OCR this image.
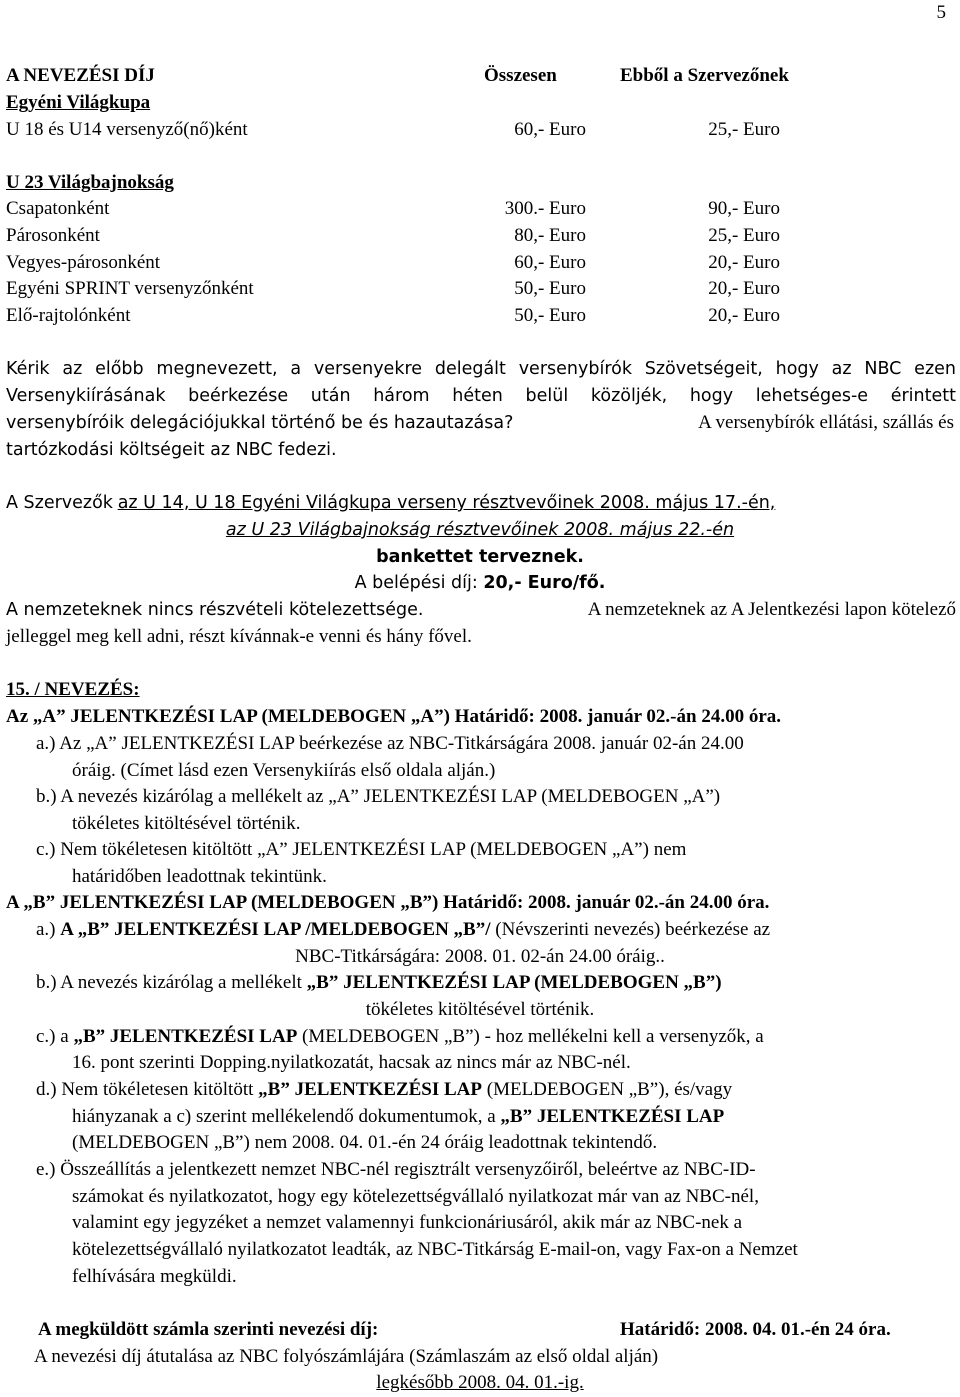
5
A NEVEZÉSI DÍJ	Összesen	Ebből a Szervezőnek
Egyéni Világkupa
U 18 és U14 versenyző(nő)ként	60,- Euro	25,- Euro
U 23 Világbajnokság
Csapatonként	300.- Euro	90,- Euro
Párosonként	80,- Euro	25,- Euro
Vegyes-párosonként	60,- Euro	20,- Euro
Egyéni SPRINT versenyzőnként	50,- Euro	20,- Euro
Elő-rajtolónként	50,- Euro	20,- Euro
Kérik az előbb megnevezett, a versenyekre delegált versenybírók Szövetségeit, hogy az NBC ezen
Versenykiírásának beérkezése után három héten belül közöljék, hogy lehetséges-e érintett
versenybíróik delegációjukkal történő be és hazautazása?	A versenybírók ellátási, szállás és
tartózkodási költségeit az NBC fedezi.
A Szervezők az U 14, U 18 Egyéni Világkupa verseny résztvevőinek 2008. május 17.-én,
az U 23 Világbajnokság résztvevőinek 2008. május 22.-én
bankettet terveznek.
A belépési díj: 20,- Euro/fő.
A nemzeteknek nincs részvételi kötelezettsége.	A nemzeteknek az A Jelentkezési lapon kötelező
jelleggel meg kell adni, részt kívánnak-e venni és hány fővel.
15. / NEVEZÉS:
Az „A” JELENTKEZÉSI LAP (MELDEBOGEN „A”) Határidő: 2008. január 02.-án 24.00 óra.
a.) Az „A” JELENTKEZÉSI LAP beérkezése az NBC-Titkárságára 2008. január 02-án 24.00
óráig. (Címet lásd ezen Versenykiírás első oldala alján.)
b.) A nevezés kizárólag a mellékelt az „A” JELENTKEZÉSI LAP (MELDEBOGEN „A”)
tökéletes kitöltésével történik.
c.) Nem tökéletesen kitöltött „A” JELENTKEZÉSI LAP (MELDEBOGEN „A”) nem
határidőben leadottnak tekintünk.
A „B” JELENTKEZÉSI LAP (MELDEBOGEN „B”) Határidő: 2008. január 02.-án 24.00 óra.
a.) A „B” JELENTKEZÉSI LAP /MELDEBOGEN „B”/ (Névszerinti nevezés) beérkezése az
NBC-Titkárságára: 2008. 01. 02-án 24.00 óráig..
b.) A nevezés kizárólag a mellékelt „B” JELENTKEZÉSI LAP (MELDEBOGEN „B”)
tökéletes kitöltésével történik.
c.) a „B” JELENTKEZÉSI LAP (MELDEBOGEN „B”) - hoz mellékelni kell a versenyzők, a
16. pont szerinti Dopping.nyilatkozatát, hacsak az nincs már az NBC-nél.
d.) Nem tökéletesen kitöltött „B” JELENTKEZÉSI LAP (MELDEBOGEN „B”), és/vagy
hiányzanak a c) szerint mellékelendő dokumentumok, a „B” JELENTKEZÉSI LAP
(MELDEBOGEN „B”) nem 2008. 04. 01.-én 24 óráig leadottnak tekintendő.
e.) Összeállítás a jelentkezett nemzet NBC-nél regisztrált versenyzőiről, beleértve az NBC-ID-
számokat és nyilatkozatot, hogy egy kötelezettségvállaló nyilatkozat már van az NBC-nél,
valamint egy jegyzéket a nemzet valamennyi funkcionáriusáról, akik már az NBC-nek a
kötelezettségvállaló nyilatkozatot leadták, az NBC-Titkárság E-mail-on, vagy Fax-on a Nemzet
felhívására megküldi.
A megküldött számla szerinti nevezési díj:	Határidő: 2008. 04. 01.-én 24 óra.
A nevezési díj átutalása az NBC folyószámlájára (Számlaszám az első oldal alján)
legkésőbb 2008. 04. 01.-ig.
